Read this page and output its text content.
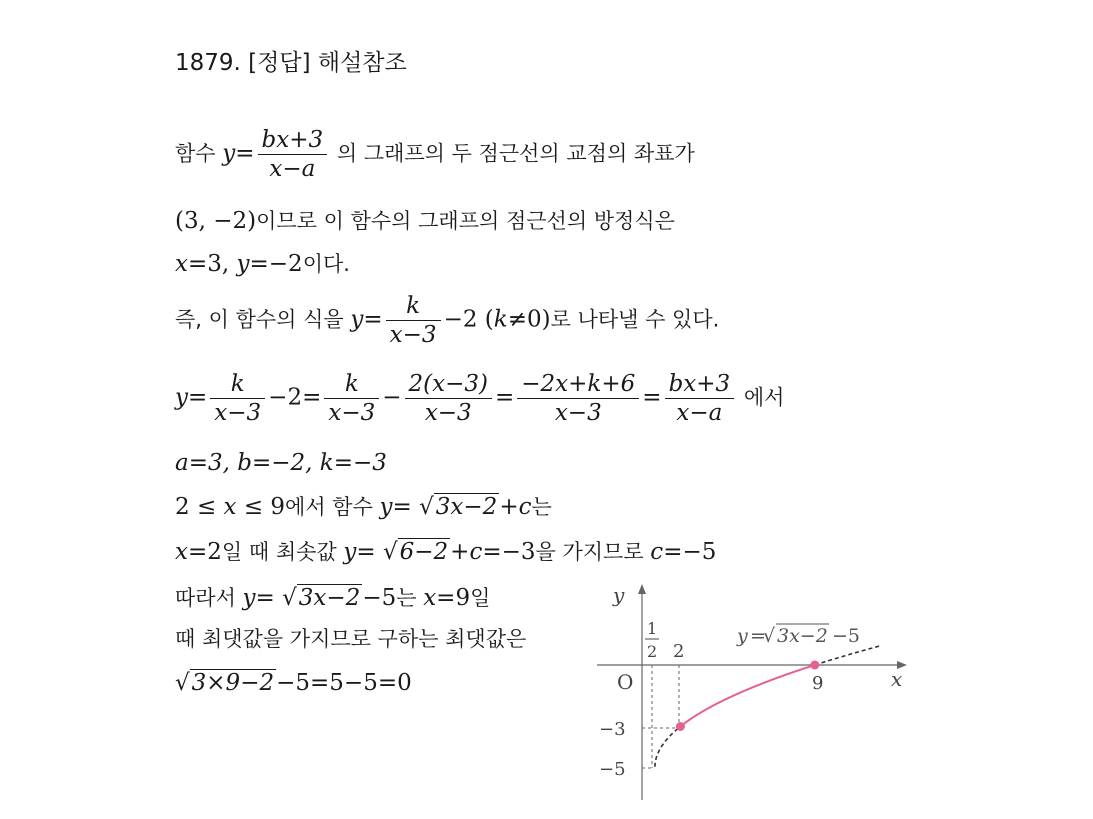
1879. [정답] 해설참조
함수 $y= \frac{bx+3}{x-a}$ 의 그래프의 두 점근선의 교점의 좌표가
(3, −2)이므로 이 함수의 그래프의 점근선의 방정식은
x=3, y=−2이다.
즉, 이 함수의 식을 $y= \frac{k}{x-3} -2$ (k≠0)로 나타낼 수 있다.
$y= \frac{k}{x-3} -2= \frac{k}{x-3} - \frac{2(x-3)}{x-3} = \frac{-2x+k+6}{x-3} = \frac{bx+3}{x-a}$ 에서
a=3, b=−2, k=−3
2 ≤ x ≤ 9에서 함수 y= √3x−2+c는
x=2일 때 최솟값 y= √6−2+c=−3을 가지므로 c=−5
따라서 y= √3x−2−5는 x=9일
때 최댓값을 가지므로 구하는 최댓값은
√3×9−2−5=5−5=0
y
x
O
1
2 2
9
−3
−5
y =
√ 3x−2 −5
